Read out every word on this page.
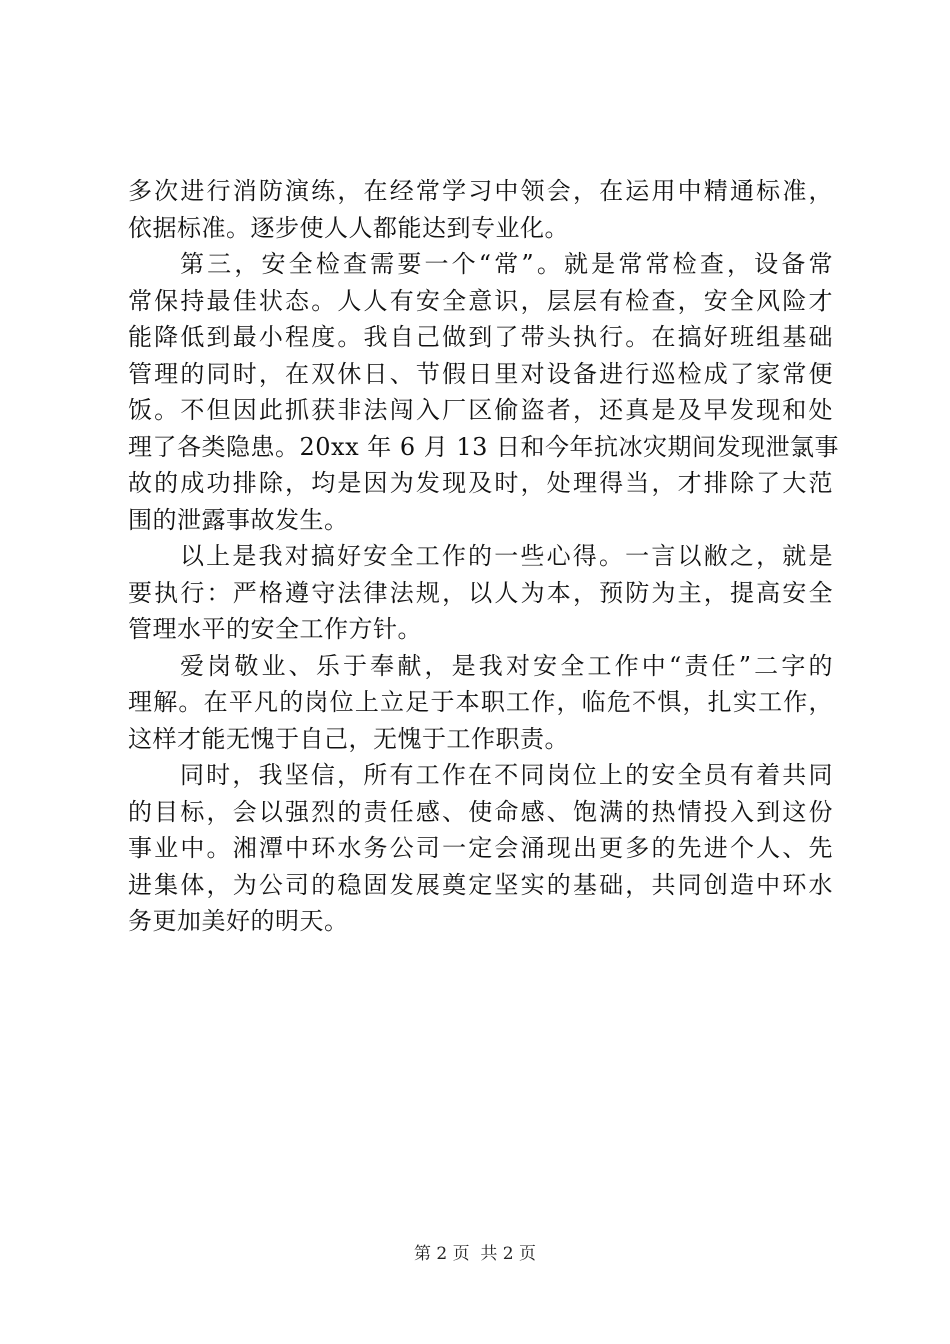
多次进行消防演练，在经常学习中领会，在运用中精通标准，
依据标准。逐步使人人都能达到专业化。
第三，安全检查需要一个“常”。就是常常检查，设备常
常保持最佳状态。人人有安全意识，层层有检查，安全风险才
能降低到最小程度。我自己做到了带头执行。在搞好班组基础
管理的同时，在双休日、节假日里对设备进行巡检成了家常便
饭。不但因此抓获非法闯入厂区偷盗者，还真是及早发现和处
理了各类隐患。20xx 年 6 月 13 日和今年抗冰灾期间发现泄氯事
故的成功排除，均是因为发现及时，处理得当，才排除了大范
围的泄露事故发生。
以上是我对搞好安全工作的一些心得。一言以敝之，就是
要执行：严格遵守法律法规，以人为本，预防为主，提高安全
管理水平的安全工作方针。
爱岗敬业、乐于奉献，是我对安全工作中“责任”二字的
理解。在平凡的岗位上立足于本职工作，临危不惧，扎实工作，
这样才能无愧于自己，无愧于工作职责。
同时，我坚信，所有工作在不同岗位上的安全员有着共同
的目标，会以强烈的责任感、使命感、饱满的热情投入到这份
事业中。湘潭中环水务公司一定会涌现出更多的先进个人、先
进集体，为公司的稳固发展奠定坚实的基础，共同创造中环水
务更加美好的明天。
第 2 页  共 2 页
